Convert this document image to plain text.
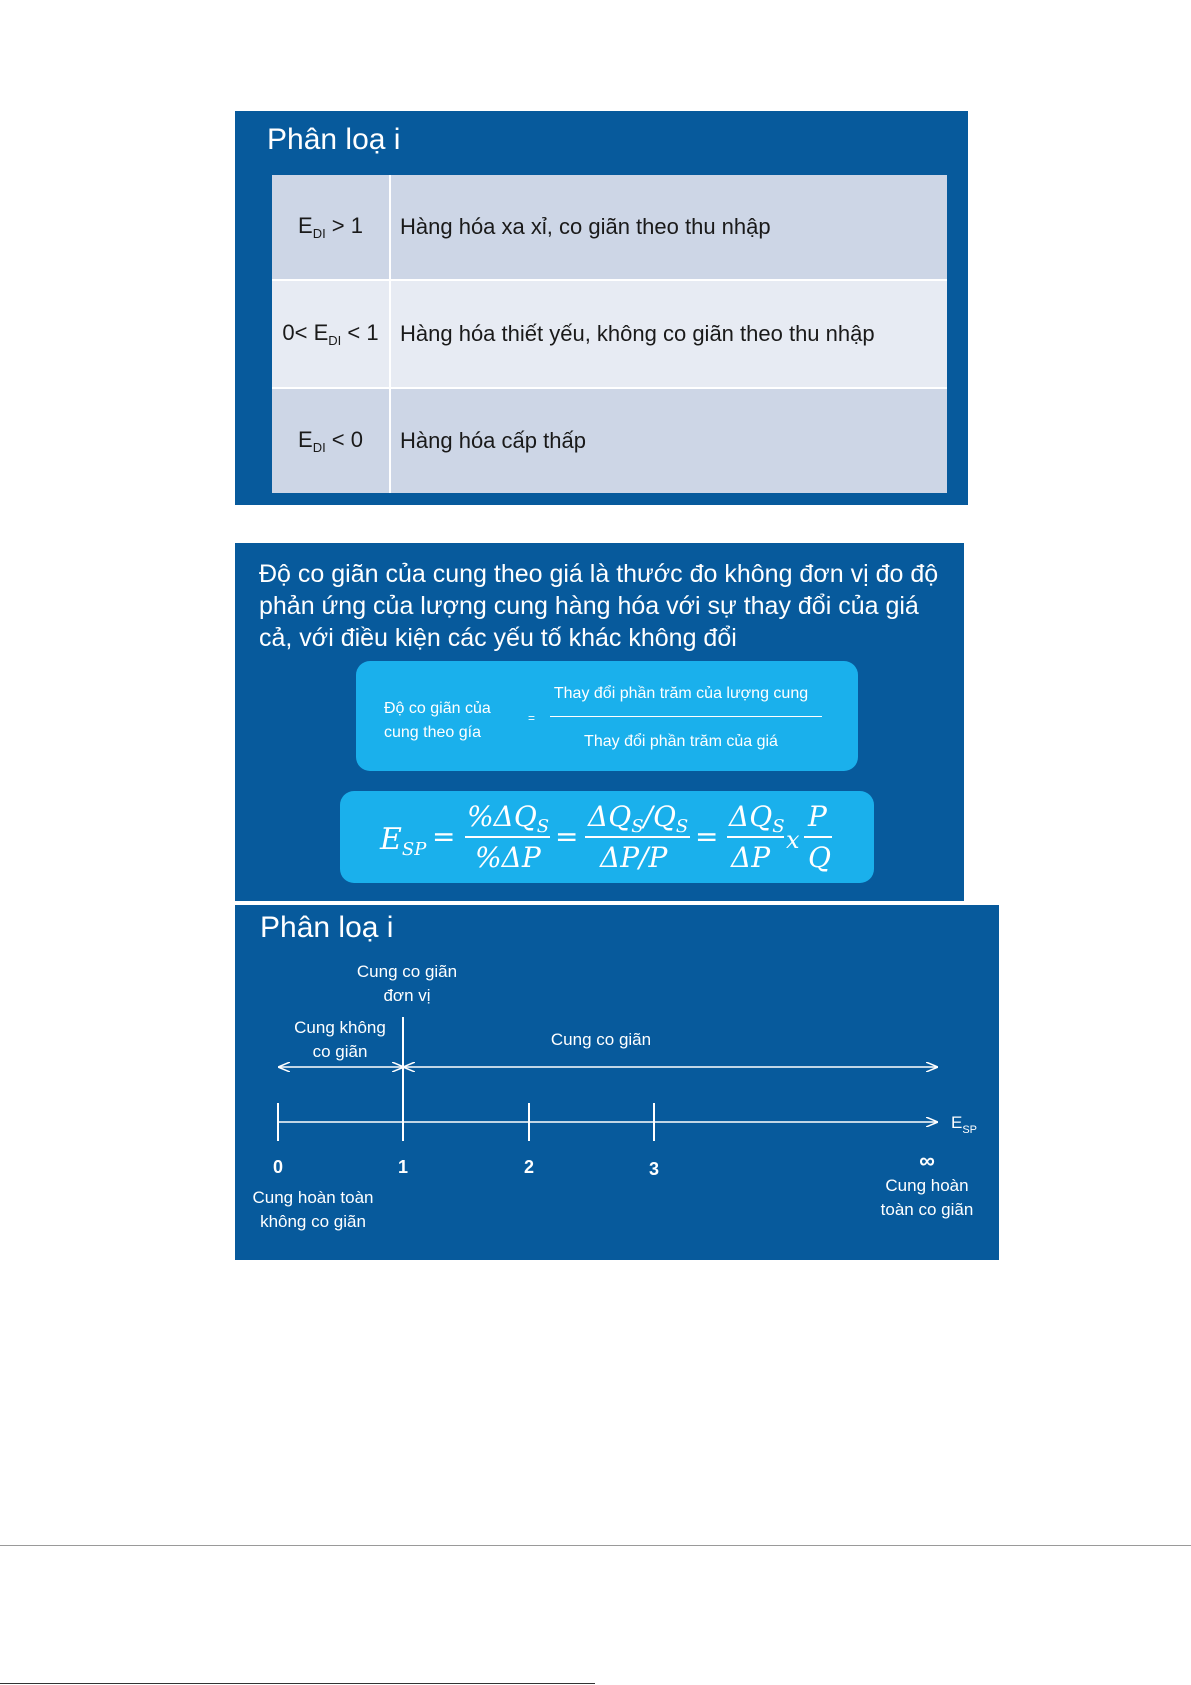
Phân loạ i
$E_{DI} > 1$	Hàng hóa xa xỉ, co giãn theo thu nhập
$0< E_{DI} < 1$	Hàng hóa thiết yếu, không co giãn theo thu nhập
$E_{DI} < 0$	Hàng hóa cấp thấp
Độ co giãn của cung theo giá là thước đo không đơn vị đo độ phản ứng của lượng cung hàng hóa với sự thay đổi của giá cả, với điều kiện các yếu tố khác không đổi
Độ co giãn của
cung theo gía
=
Thay đổi phần trăm của lượng cung
Thay đổi phần trăm của giá
$E_{SP}$ =
$\%\Delta Q_S$
%ΔP
=
$\Delta Q_S/Q_S$
ΔP/P
=
$\Delta Q_S$
ΔP
x
P
Q
Phân loạ i
Cung co giãn
đơn vị
Cung không
co giãn
Cung co giãn
$E_{SP}$
0	1	2	3	∞
Cung hoàn toàn
không co giãn
Cung hoàn
toàn co giãn
